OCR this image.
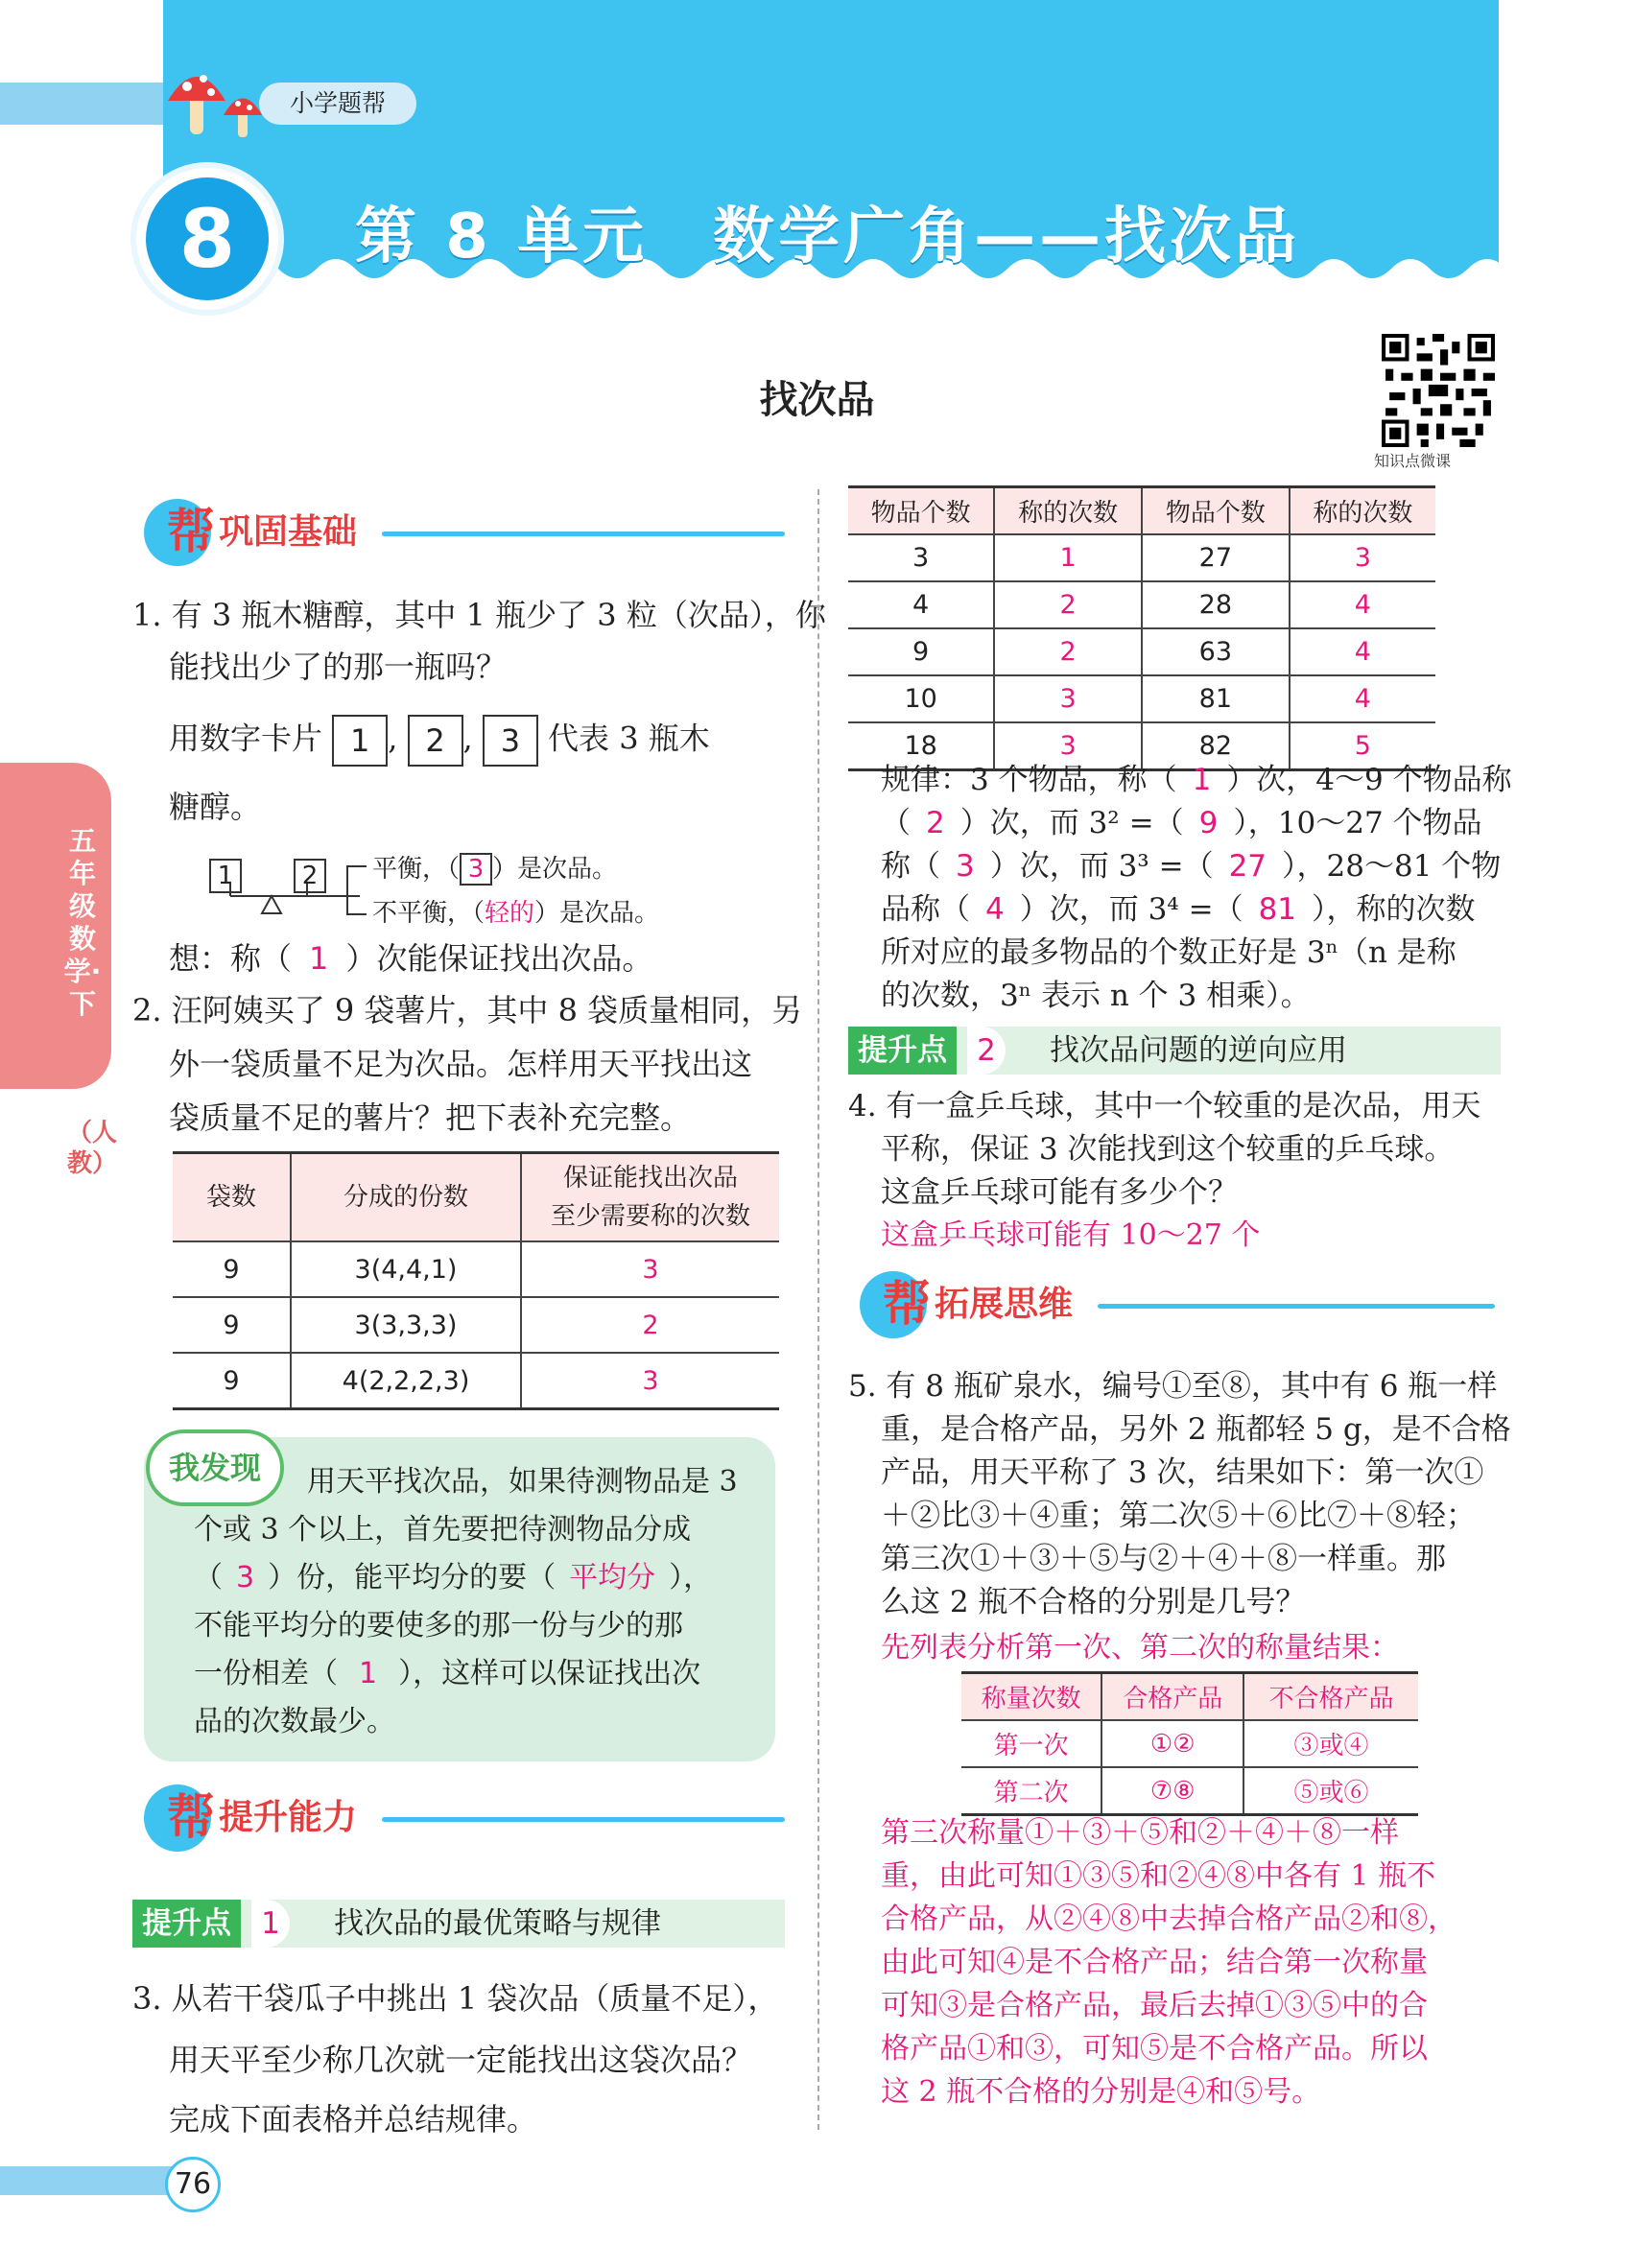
小学题帮
8	第 8 单元　数学广角——找次品
找次品
知识点微课
五年级数学·下
（人教）
帮 巩固基础
1. 有 3 瓶木糖醇，其中 1 瓶少了 3 粒（次品），你
能找出少了的那一瓶吗？
用数字卡片 1 , 2 , 3 代表 3 瓶木
糖醇。
1	2	平衡，（ 3 ）是次品。
不平衡，（轻的）是次品。
想：称（ 1 ）次能保证找出次品。
2. 汪阿姨买了 9 袋薯片，其中 8 袋质量相同，另
外一袋质量不足为次品。怎样用天平找出这
袋质量不足的薯片？把下表补充完整。
袋数	分成的份数	保证能找出次品
至少需要称的次数
9	3(4,4,1)	3
9	3(3,3,3)	2
9	4(2,2,2,3)	3
我发现	用天平找次品，如果待测物品是 3
个或 3 个以上，首先要把待测物品分成
（ 3 ）份，能平均分的要（ 平均分 ），
不能平均分的要使多的那一份与少的那
一份相差（ 1 ），这样可以保证找出次
品的次数最少。
帮 提升能力
提升点	1	找次品的最优策略与规律
3. 从若干袋瓜子中挑出 1 袋次品（质量不足），
用天平至少称几次就一定能找出这袋次品？
完成下面表格并总结规律。
物品个数	称的次数	物品个数	称的次数
3	1	27	3
4	2	28	4
9	2	63	4
10	3	81	4
18	3	82	5
规律：3 个物品，称（ 1 ）次，4～9 个物品称
（ 2 ）次，而 3² =（ 9 ），10～27 个物品
称（ 3 ）次，而 3³ =（ 27 ），28～81 个物
品称（ 4 ）次，而 3⁴ =（ 81 ），称的次数
所对应的最多物品的个数正好是 3ⁿ（n 是称
的次数，3ⁿ 表示 n 个 3 相乘）。
提升点	2	找次品问题的逆向应用
4. 有一盒乒乓球，其中一个较重的是次品，用天
平称，保证 3 次能找到这个较重的乒乓球。
这盒乒乓球可能有多少个？
这盒乒乓球可能有 10～27 个
帮 拓展思维
5. 有 8 瓶矿泉水，编号①至⑧，其中有 6 瓶一样
重，是合格产品，另外 2 瓶都轻 5 g，是不合格
产品，用天平称了 3 次，结果如下：第一次①
＋②比③＋④重；第二次⑤＋⑥比⑦＋⑧轻；
第三次①＋③＋⑤与②＋④＋⑧一样重。那
么这 2 瓶不合格的分别是几号？
先列表分析第一次、第二次的称量结果：
称量次数	合格产品	不合格产品
第一次	①②	③或④
第二次	⑦⑧	⑤或⑥
第三次称量①＋③＋⑤和②＋④＋⑧一样
重，由此可知①③⑤和②④⑧中各有 1 瓶不
合格产品，从②④⑧中去掉合格产品②和⑧，
由此可知④是不合格产品；结合第一次称量
可知③是合格产品，最后去掉①③⑤中的合
格产品①和③，可知⑤是不合格产品。所以
这 2 瓶不合格的分别是④和⑤号。
76
